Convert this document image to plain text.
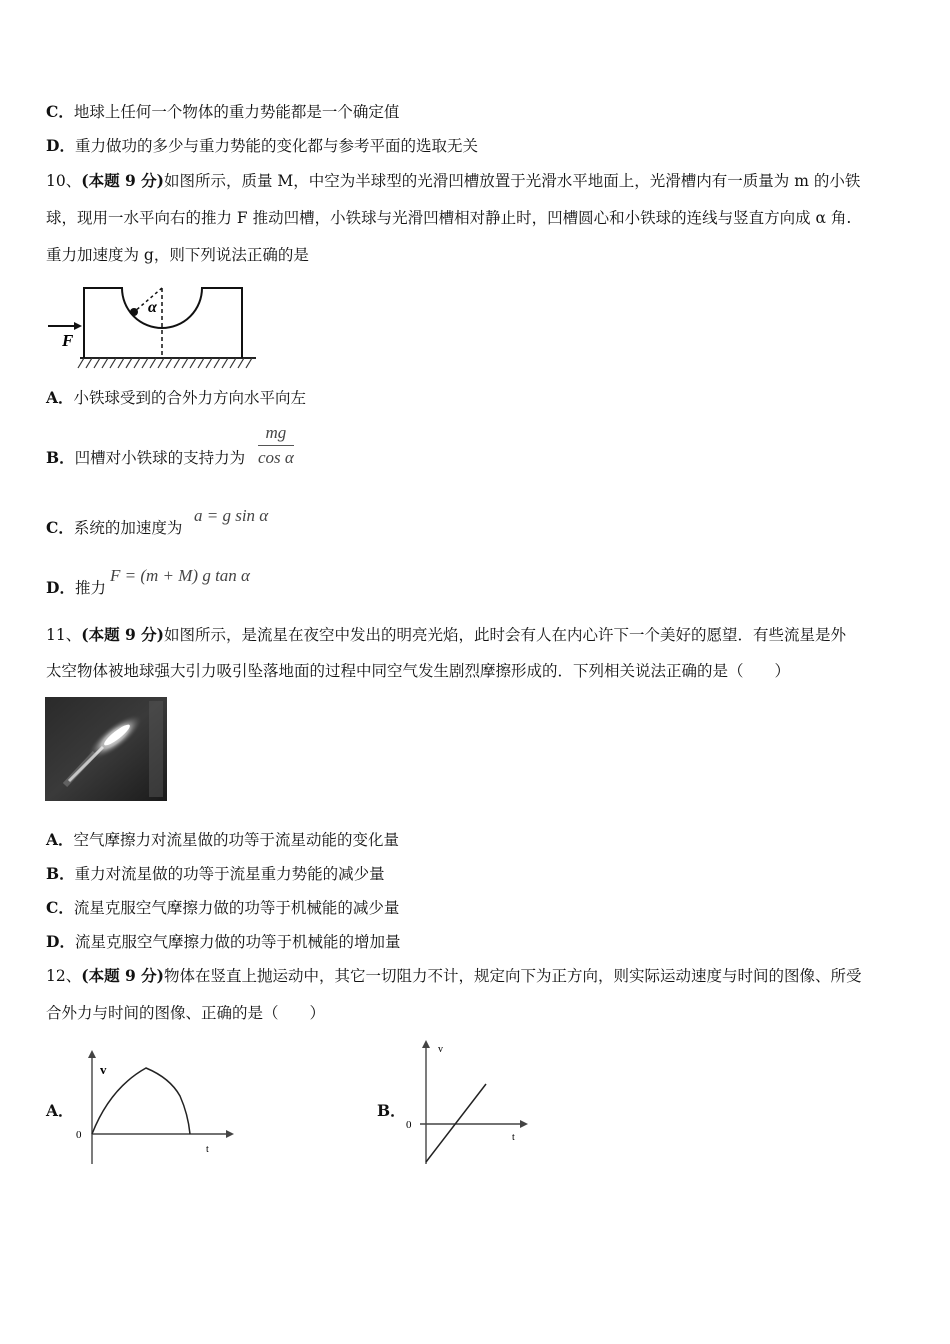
C．地球上任何一个物体的重力势能都是一个确定值
D．重力做功的多少与重力势能的变化都与参考平面的选取无关
10、(本题 9 分)如图所示，质量 M，中空为半球型的光滑凹槽放置于光滑水平地面上，光滑槽内有一质量为 m 的小铁
球，现用一水平向右的推力 F 推动凹槽，小铁球与光滑凹槽相对静止时，凹槽圆心和小铁球的连线与竖直方向成 α 角.
重力加速度为 g，则下列说法正确的是
α
F
A．小铁球受到的合外力方向水平向左
B．凹槽对小铁球的支持力为 $\frac{mg}{\text{cos α}}$
C．系统的加速度为
a = g sin α
D．推力
F = (m + M) g tan α
11、(本题 9 分)如图所示，是流星在夜空中发出的明亮光焰，此时会有人在内心许下一个美好的愿望．有些流星是外
太空物体被地球强大引力吸引坠落地面的过程中同空气发生剧烈摩擦形成的．下列相关说法正确的是（　　）
A．空气摩擦力对流星做的功等于流星动能的变化量
B．重力对流星做的功等于流星重力势能的减少量
C．流星克服空气摩擦力做的功等于机械能的减少量
D．流星克服空气摩擦力做的功等于机械能的增加量
12、(本题 9 分)物体在竖直上抛运动中，其它一切阻力不计，规定向下为正方向，则实际运动速度与时间的图像、所受
合外力与时间的图像、正确的是（　　）
A．
v
t
0
B．
v
t
0
